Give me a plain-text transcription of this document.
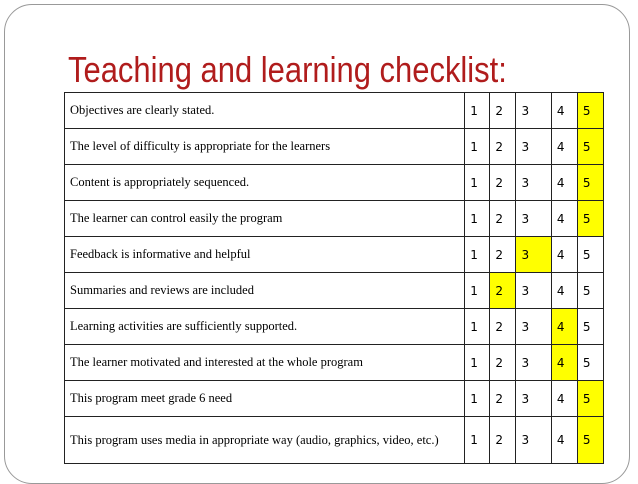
Teaching and learning checklist:
Objectives are clearly stated.	1	2	3	4	5
The level of difficulty is appropriate for the learners	1	2	3	4	5
Content is appropriately sequenced.	1	2	3	4	5
The learner can control easily the program	1	2	3	4	5
Feedback is informative and helpful	1	2	3	4	5
Summaries and reviews are included	1	2	3	4	5
Learning activities are sufficiently supported.	1	2	3	4	5
The learner motivated and interested at the whole program	1	2	3	4	5
This program meet grade 6 need	1	2	3	4	5
This program uses media in appropriate way (audio, graphics, video, etc.)	1	2	3	4	5
